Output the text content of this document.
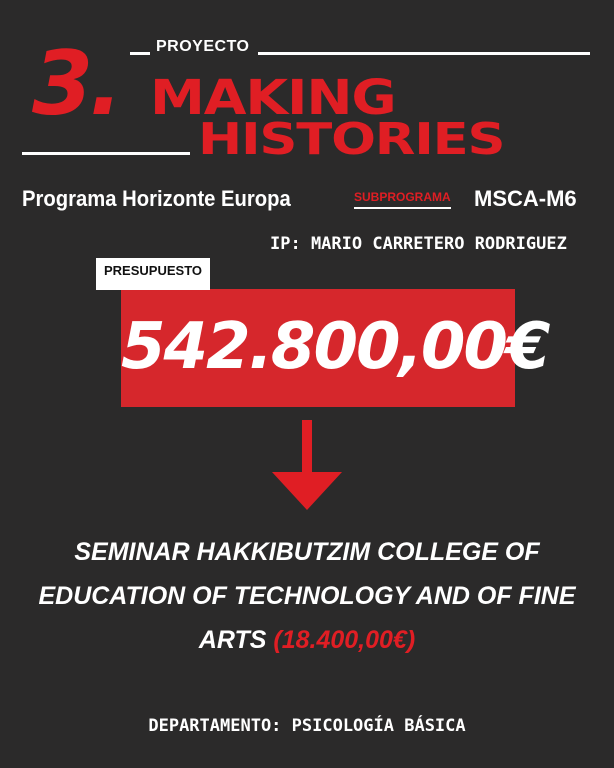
PROYECTO
3. MAKING
HISTORIES
Programa Horizonte Europa	SUBPROGRAMA MSCA-M6
IP: MARIO CARRETERO RODRIGUEZ
PRESUPUESTO
542.800,00€
SEMINAR HAKKIBUTZIM COLLEGE OF EDUCATION OF TECHNOLOGY AND OF FINE ARTS (18.400,00€)
DEPARTAMENTO: PSICOLOGÍA BÁSICA
